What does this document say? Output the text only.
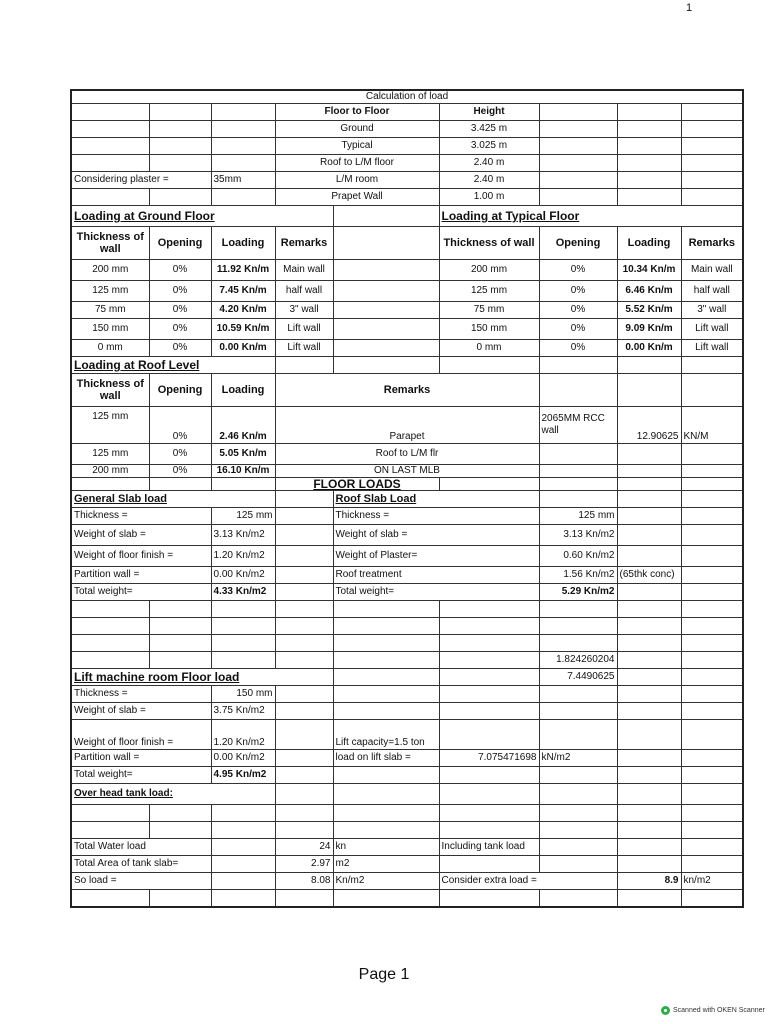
1
Calculation of load								
			Floor to Floor		Height			
			Ground		3.425 m			
			Typical		3.025 m			
			Roof to L/M floor		2.40 m			
Considering plaster =		35mm	L/M room		2.40 m			
			Prapet Wall		1.00 m			
Loading at Ground Floor					Loading at Typical Floor			
Thickness of wall	Opening	Loading	Remarks		Thickness of wall	Opening	Loading	Remarks
200 mm	0%	11.92 Kn/m	Main wall		200 mm	0%	10.34 Kn/m	Main wall
125 mm	0%	7.45 Kn/m	half wall		125 mm	0%	6.46 Kn/m	half wall
75 mm	0%	4.20 Kn/m	3" wall		75 mm	0%	5.52 Kn/m	3" wall
150 mm	0%	10.59 Kn/m	Lift wall		150 mm	0%	9.09 Kn/m	Lift wall
0 mm	0%	0.00 Kn/m	Lift wall		0 mm	0%	0.00 Kn/m	Lift wall
Loading at Roof Level								
Thickness of wall	Opening	Loading	Remarks					
125 mm	0%	2.46 Kn/m	Parapet			2065MM RCC wall	12.90625	KN/M
125 mm	0%	5.05 Kn/m	Roof to L/M flr					
200 mm	0%	16.10 Kn/m	ON LAST MLB					
			FLOOR LOADS					
General Slab load				Roof Slab Load				
Thickness =		125 mm		Thickness =		125 mm		
Weight of slab =		3.13 Kn/m2		Weight of slab =		3.13 Kn/m2		
Weight of floor finish =		1.20 Kn/m2		Weight of Plaster=		0.60 Kn/m2		
Partition wall =		0.00 Kn/m2		Roof treatment		1.56 Kn/m2	(65thk conc)	
Total weight=		4.33 Kn/m2		Total weight=		5.29 Kn/m2		

						1.824260204		
Lift machine room Floor load						7.4490625		
Thickness =		150 mm						
Weight of slab =		3.75 Kn/m2						
Weight of floor finish =		1.20 Kn/m2		Lift capacity=1.5 ton				
Partition wall =		0.00 Kn/m2		load on lift slab =	7.075471698	kN/m2		
Total weight=		4.95 Kn/m2						
Over head tank load:								

Total Water load			24	kn	Including tank load			
Total Area of tank slab=			2.97	m2				
So load =			8.08	Kn/m2	Consider extra load =		8.9	kn/m2

Page 1
Scanned with OKEN Scanner
